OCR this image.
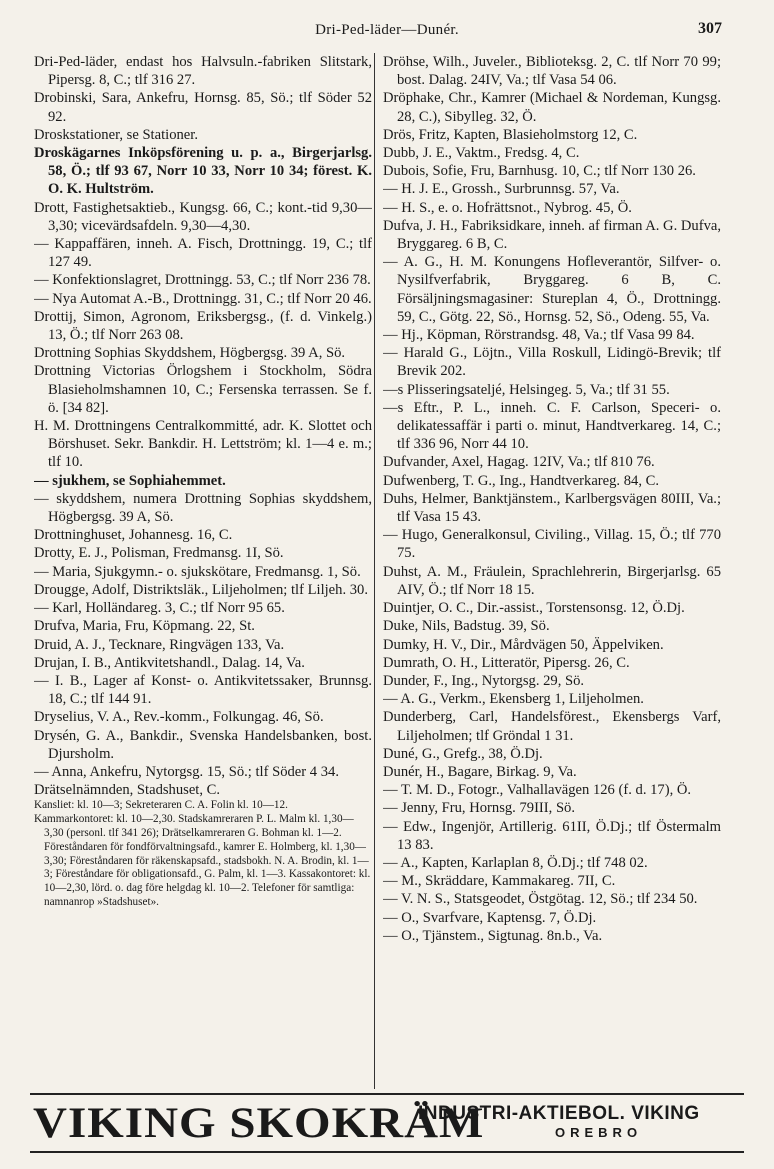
Dri-Ped-läder—Dunér.	307

Dri-Ped-läder, endast hos Halvsuln.-fabriken Slitstark, Pipersg. 8, C.; tlf 316 27.

Drobinski, Sara, Ankefru, Hornsg. 85, Sö.; tlf Söder 52 92.

Droskstationer, se Stationer.

Droskägarnes Inköpsförening u. p. a., Birgerjarlsg. 58, Ö.; tlf 93 67, Norr 10 33, Norr 10 34; förest. K. O. K. Hultström.

Drott, Fastighetsaktieb., Kungsg. 66, C.; kont.-tid 9,30—3,30; vicevärdsafdeln. 9,30—4,30.

— Kappaffären, inneh. A. Fisch, Drottningg. 19, C.; tlf 127 49.

— Konfektionslagret, Drottningg. 53, C.; tlf Norr 236 78.

— Nya Automat A.-B., Drottningg. 31, C.; tlf Norr 20 46.

Drottij, Simon, Agronom, Eriksbergsg., (f. d. Vinkelg.) 13, Ö.; tlf Norr 263 08.

Drottning Sophias Skyddshem, Högbergsg. 39 A, Sö.

Drottning Victorias Örlogshem i Stockholm, Södra Blasieholmshamnen 10, C.; Fersenska terrassen. Se f. ö. [34 82].

H. M. Drottningens Centralkommitté, adr. K. Slottet och Börshuset. Sekr. Bankdir. H. Lettström; kl. 1—4 e. m.; tlf 10.

— sjukhem, se Sophiahemmet.

— skyddshem, numera Drottning Sophias skyddshem, Högbergsg. 39 A, Sö.

Drottninghuset, Johannesg. 16, C.

Drotty, E. J., Polisman, Fredmansg. 1I, Sö.

— Maria, Sjukgymn.- o. sjukskötare, Fredmansg. 1, Sö.

Drougge, Adolf, Distriktsläk., Liljeholmen; tlf Liljeh. 30.

— Karl, Holländareg. 3, C.; tlf Norr 95 65.

Drufva, Maria, Fru, Köpmang. 22, St.

Druid, A. J., Tecknare, Ringvägen 133, Va.

Drujan, I. B., Antikvitetshandl., Dalag. 14, Va.

— I. B., Lager af Konst- o. Antikvitetssaker, Brunnsg. 18, C.; tlf 144 91.

Dryselius, V. A., Rev.-komm., Folkungag. 46, Sö.

Drysén, G. A., Bankdir., Svenska Handelsbanken, bost. Djursholm.

— Anna, Ankefru, Nytorgsg. 15, Sö.; tlf Söder 4 34.

Drätselnämnden, Stadshuset, C.

Kansliet: kl. 10—3; Sekreteraren C. A. Folin kl. 10—12.

Kammarkontoret: kl. 10—2,30. Stadskamreraren P. L. Malm kl. 1,30—3,30 (personl. tlf 341 26); Drätselkamreraren G. Bohman kl. 1—2. Föreståndaren för fondförvaltningsafd., kamrer E. Holmberg, kl. 1,30—3,30; Föreståndaren för räkenskapsafd., stadsbokh. N. A. Brodin, kl. 1—3; Föreståndare för obligationsafd., G. Palm, kl. 1—3. Kassakontoret: kl. 10—2,30, lörd. o. dag före helgdag kl. 10—2. Telefoner för samtliga: namnanrop »Stadshuset».

Dröhse, Wilh., Juveler., Biblioteksg. 2, C. tlf Norr 70 99; bost. Dalag. 24IV, Va.; tlf Vasa 54 06.

Dröphake, Chr., Kamrer (Michael & Nordeman, Kungsg. 28, C.), Sibylleg. 32, Ö.

Drös, Fritz, Kapten, Blasieholmstorg 12, C.

Dubb, J. E., Vaktm., Fredsg. 4, C.

Dubois, Sofie, Fru, Barnhusg. 10, C.; tlf Norr 130 26.

— H. J. E., Grossh., Surbrunnsg. 57, Va.

— H. S., e. o. Hofrättsnot., Nybrog. 45, Ö.

Dufva, J. H., Fabriksidkare, inneh. af firman A. G. Dufva, Bryggareg. 6 B, C.

— A. G., H. M. Konungens Hofleverantör, Silfver- o. Nysilfverfabrik, Bryggareg. 6 B, C. Försäljningsmagasiner: Stureplan 4, Ö., Drottningg. 59, C., Götg. 22, Sö., Hornsg. 52, Sö., Odeng. 55, Va.

— Hj., Köpman, Rörstrandsg. 48, Va.; tlf Vasa 99 84.

— Harald G., Löjtn., Villa Roskull, Lidingö-Brevik; tlf Brevik 202.

—s Plisseringsateljé, Helsingeg. 5, Va.; tlf 31 55.

—s Eftr., P. L., inneh. C. F. Carlson, Speceri- o. delikatessaffär i parti o. minut, Handtverkareg. 14, C.; tlf 336 96, Norr 44 10.

Dufvander, Axel, Hagag. 12IV, Va.; tlf 810 76.

Dufwenberg, T. G., Ing., Handtverkareg. 84, C.

Duhs, Helmer, Banktjänstem., Karlbergsvägen 80III, Va.; tlf Vasa 15 43.

— Hugo, Generalkonsul, Civiling., Villag. 15, Ö.; tlf 770 75.

Duhst, A. M., Fräulein, Sprachlehrerin, Birgerjarlsg. 65 AIV, Ö.; tlf Norr 18 15.

Duintjer, O. C., Dir.-assist., Torstensonsg. 12, Ö.Dj.

Duke, Nils, Badstug. 39, Sö.

Dumky, H. V., Dir., Mårdvägen 50, Äppelviken.

Dumrath, O. H., Litteratör, Pipersg. 26, C.

Dunder, F., Ing., Nytorgsg. 29, Sö.

— A. G., Verkm., Ekensberg 1, Liljeholmen.

Dunderberg, Carl, Handelsförest., Ekensbergs Varf, Liljeholmen; tlf Gröndal 1 31.

Duné, G., Grefg., 38, Ö.Dj.

Dunér, H., Bagare, Birkag. 9, Va.

— T. M. D., Fotogr., Valhallavägen 126 (f. d. 17), Ö.

— Jenny, Fru, Hornsg. 79III, Sö.

— Edw., Ingenjör, Artillerig. 61II, Ö.Dj.; tlf Östermalm 13 83.

— A., Kapten, Karlaplan 8, Ö.Dj.; tlf 748 02.

— M., Skräddare, Kammakareg. 7II, C.

— V. N. S., Statsgeodet, Östgötag. 12, Sö.; tlf 234 50.

— O., Svarfvare, Kaptensg. 7, Ö.Dj.

— O., Tjänstem., Sigtunag. 8n.b., Va.

VIKING SKOKRÄM
INDUSTRI-AKTIEBOL. VIKING
OREBRO
